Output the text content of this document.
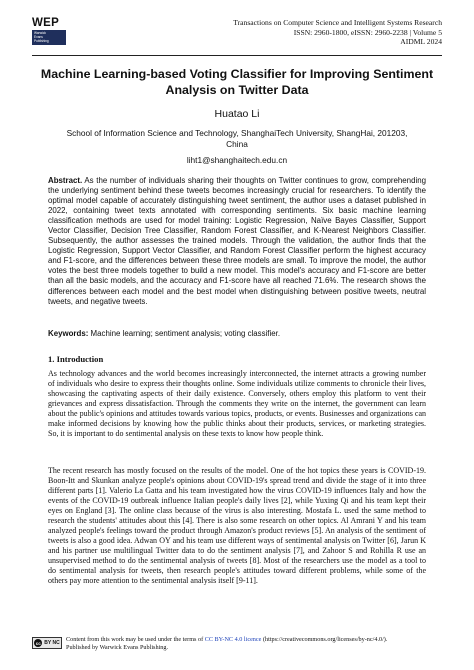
WEP
Warwick
Evans
Publishing
Transactions on Computer Science and Intelligent Systems Research
ISSN: 2960-1800, eISSN: 2960-2238 | Volume 5
AIDML 2024
Machine Learning-based Voting Classifier for Improving Sentiment Analysis on Twitter Data
Huatao Li
School of Information Science and Technology, ShanghaiTech University, ShangHai, 201203, China
liht1@shanghaitech.edu.cn

Abstract. As the number of individuals sharing their thoughts on Twitter continues to grow, comprehending the underlying sentiment behind these tweets becomes increasingly crucial for researchers. To identify the optimal model capable of accurately distinguishing tweet sentiment, the author uses a dataset published in 2022, containing tweet texts annotated with corresponding sentiments. Six basic machine learning classification methods are used for model training: Logistic Regression, Naïve Bayes Classifier, Support Vector Classifier, Decision Tree Classifier, Random Forest Classifier, and K-Nearest Neighbors Classifier. Subsequently, the author assesses the trained models. Through the validation, the author finds that the Logistic Regression, Support Vector Classifier, and Random Forest Classifier perform the highest accuracy and F1-score, and the differences between these three models are small. To improve the model, the author votes the best three models together to build a new model. This model's accuracy and F1-score are better than all the basic models, and the accuracy and F1-score have all reached 71.6%. The research shows the differences between each model and the best model when distinguishing between positive tweets, neutral tweets, and negative tweets.

Keywords: Machine learning; sentiment analysis; voting classifier.

1. Introduction

As technology advances and the world becomes increasingly interconnected, the internet attracts a growing number of individuals who desire to express their thoughts online. Some individuals utilize comments to chronicle their lives, showcasing the captivating aspects of their daily existence. Conversely, others employ this platform to vent their grievances and express dissatisfaction. Through the comments they write on the internet, the government can learn about the public's opinions and attitudes towards various topics, products, or events. Businesses and organizations can make informed decisions by knowing how the public thinks about their products, services, or marketing strategies. So, it is important to do sentimental analysis on these texts to know how people think.

The recent research has mostly focused on the results of the model. One of the hot topics these years is COVID-19. Boon-Itt and Skunkan analyze people's opinions about COVID-19's spread trend and divide the stage of it into three different parts [1]. Valerio La Gatta and his team investigated how the virus COVID-19 influences Italy and how the events of the COVID-19 outbreak influence Italian people's daily lives [2], while Yuxing Qi and his team kept their eyes on England [3]. The online class because of the virus is also interesting. Mostafa L. used the same method to research the students' attitudes about this [4]. There is also some research on other topics. Al Amrani Y and his team analyzed people's feelings toward the product through Amazon's product reviews [5]. An analysis of the sentiment of tweets is also a good idea. Adwan OY and his team use different ways of sentimental analysis on Twitter [6], Jarun K and his partner use multilingual Twitter data to do the sentiment analysis [7], and Zahoor S and Rohilla R use an unsupervised method to do the sentimental analysis of tweets [8]. Most of the researchers use the model as a tool to do sentimental analysis for tweets, then research people's attitudes toward different problems, while some of the others pay more attention to the sentimental analysis itself [9-11].

cc BY NC Content from this work may be used under the terms of CC BY-NC 4.0 licence (https://creativecommons.org/licenses/by-nc/4.0/).
Published by Warwick Evans Publishing.
